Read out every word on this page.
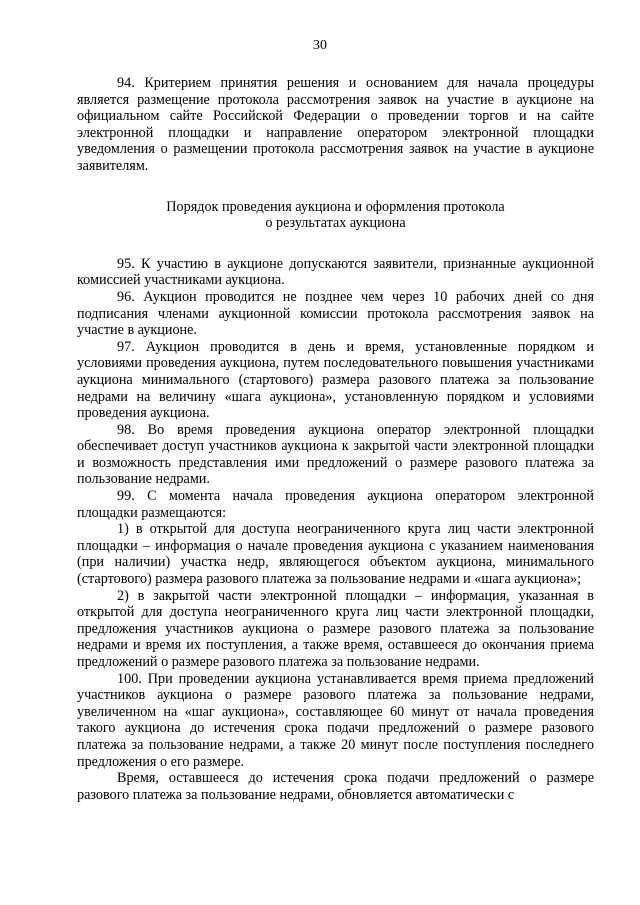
30

94. Критерием принятия решения и основанием для начала процедуры является размещение протокола рассмотрения заявок на участие в аукционе на официальном сайте Российской Федерации о проведении торгов и на сайте электронной площадки и направление оператором электронной площадки уведомления о размещении протокола рассмотрения заявок на участие в аукционе заявителям.

Порядок проведения аукциона и оформления протокола
о результатах аукциона

95. К участию в аукционе допускаются заявители, признанные аукционной комиссией участниками аукциона.

96. Аукцион проводится не позднее чем через 10 рабочих дней со дня подписания членами аукционной комиссии протокола рассмотрения заявок на участие в аукционе.

97. Аукцион проводится в день и время, установленные порядком и условиями проведения аукциона, путем последовательного повышения участниками аукциона минимального (стартового) размера разового платежа за пользование недрами на величину «шага аукциона», установленную порядком и условиями проведения аукциона.

98. Во время проведения аукциона оператор электронной площадки обеспечивает доступ участников аукциона к закрытой части электронной площадки и возможность представления ими предложений о размере разового платежа за пользование недрами.

99. С момента начала проведения аукциона оператором электронной площадки размещаются:

1) в открытой для доступа неограниченного круга лиц части электронной площадки – информация о начале проведения аукциона с указанием наименования (при наличии) участка недр, являющегося объектом аукциона, минимального (стартового) размера разового платежа за пользование недрами и «шага аукциона»;

2) в закрытой части электронной площадки – информация, указанная в открытой для доступа неограниченного круга лиц части электронной площадки, предложения участников аукциона о размере разового платежа за пользование недрами и время их поступления, а также время, оставшееся до окончания приема предложений о размере разового платежа за пользование недрами.

100. При проведении аукциона устанавливается время приема предложений участников аукциона о размере разового платежа за пользование недрами, увеличенном на «шаг аукциона», составляющее 60 минут от начала проведения такого аукциона до истечения срока подачи предложений о размере разового платежа за пользование недрами, а также 20 минут после поступления последнего предложения о его размере.

Время, оставшееся до истечения срока подачи предложений о размере разового платежа за пользование недрами, обновляется автоматически с
